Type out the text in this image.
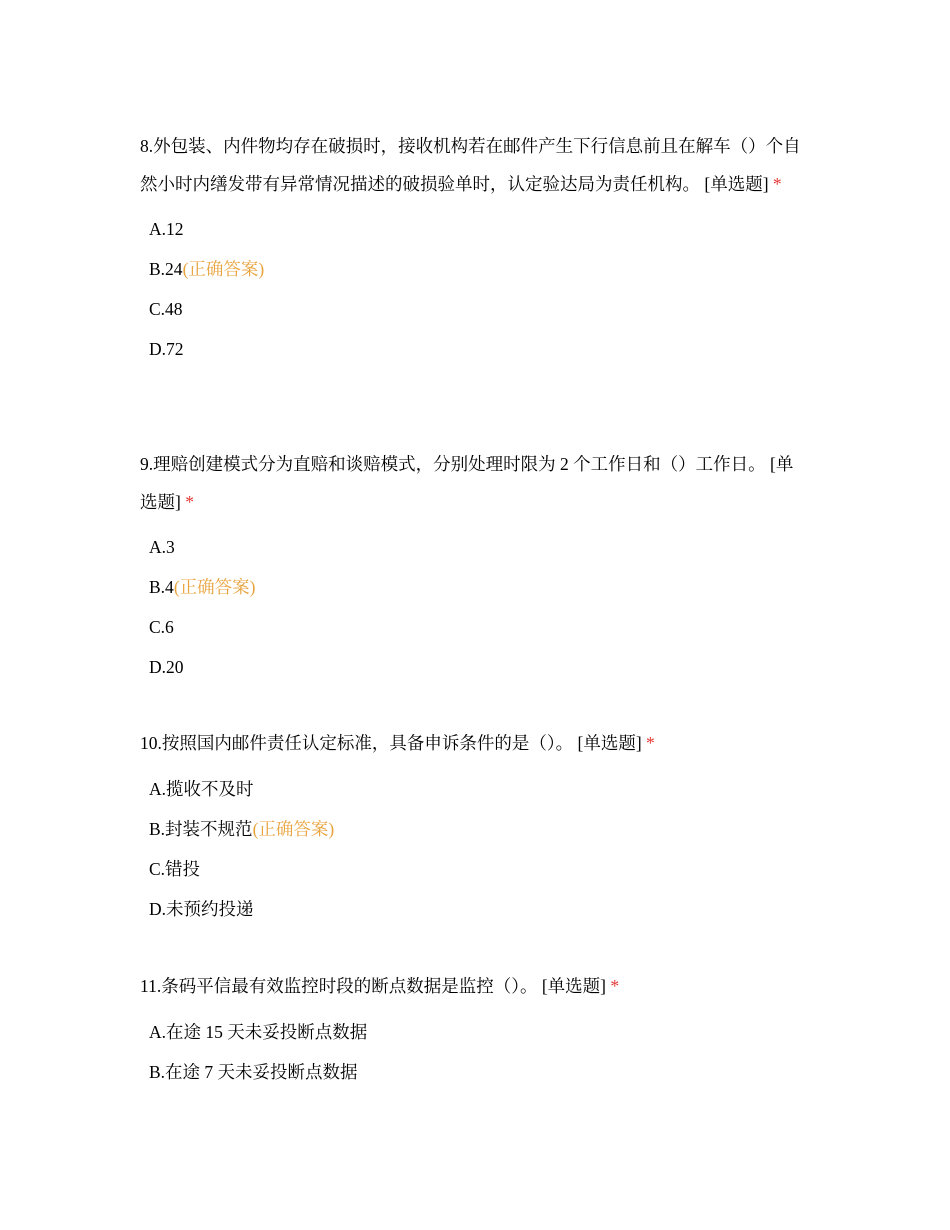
8.外包装、内件物均存在破损时，接收机构若在邮件产生下行信息前且在解车（）个自然小时内缮发带有异常情况描述的破损验单时，认定验达局为责任机构。 [单选题] *

A.12
B.24(正确答案)
C.48
D.72

9.理赔创建模式分为直赔和谈赔模式，分别处理时限为 2 个工作日和（）工作日。 [单选题] *

A.3
B.4(正确答案)
C.6
D.20

10.按照国内邮件责任认定标准，具备申诉条件的是（）。 [单选题] *

A.揽收不及时
B.封装不规范(正确答案)
C.错投
D.未预约投递

11.条码平信最有效监控时段的断点数据是监控（）。 [单选题] *

A.在途 15 天未妥投断点数据
B.在途 7 天未妥投断点数据
